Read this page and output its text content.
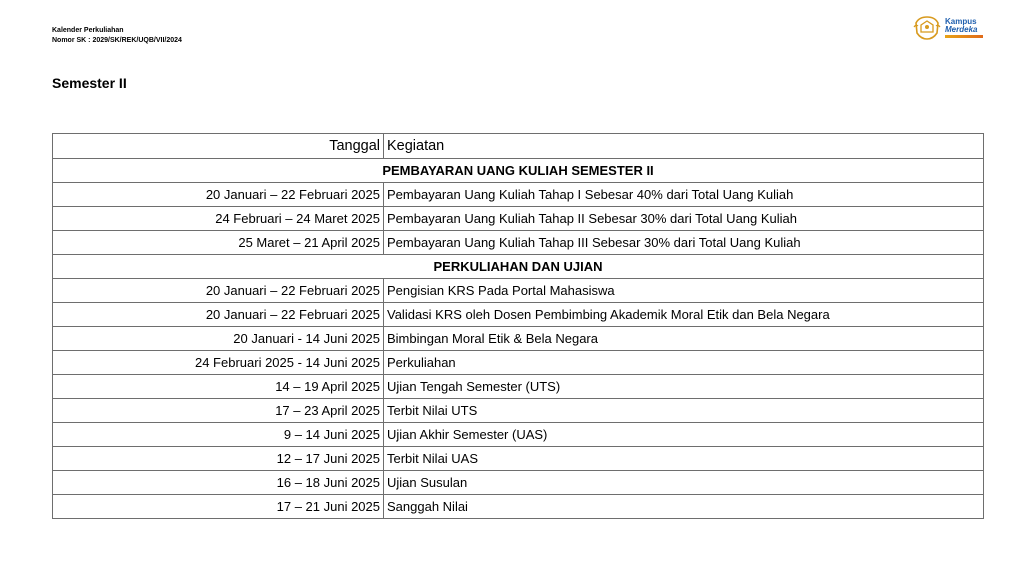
Kalender Perkuliahan
Nomor SK : 2029/SK/REK/UQB/VII/2024
Kampus
Merdeka
Semester II
Tanggal	Kegiatan
PEMBAYARAN UANG KULIAH SEMESTER II	
20 Januari – 22 Februari 2025	Pembayaran Uang Kuliah Tahap I Sebesar 40% dari Total Uang Kuliah
24 Februari – 24 Maret 2025	Pembayaran Uang Kuliah Tahap II Sebesar 30% dari Total Uang Kuliah
25 Maret – 21 April 2025	Pembayaran Uang Kuliah Tahap III Sebesar 30% dari Total Uang Kuliah
PERKULIAHAN DAN UJIAN	
20 Januari – 22 Februari 2025	Pengisian KRS Pada Portal Mahasiswa
20 Januari – 22 Februari 2025	Validasi KRS oleh Dosen Pembimbing Akademik Moral Etik dan Bela Negara
20 Januari - 14 Juni 2025	Bimbingan Moral Etik & Bela Negara
24 Februari 2025 - 14 Juni 2025	Perkuliahan
14 – 19 April 2025	Ujian Tengah Semester (UTS)
17 – 23 April 2025	Terbit Nilai UTS
9 – 14 Juni 2025	Ujian Akhir Semester (UAS)
12 – 17 Juni 2025	Terbit Nilai UAS
16 – 18 Juni 2025	Ujian Susulan
17 – 21 Juni 2025	Sanggah Nilai
